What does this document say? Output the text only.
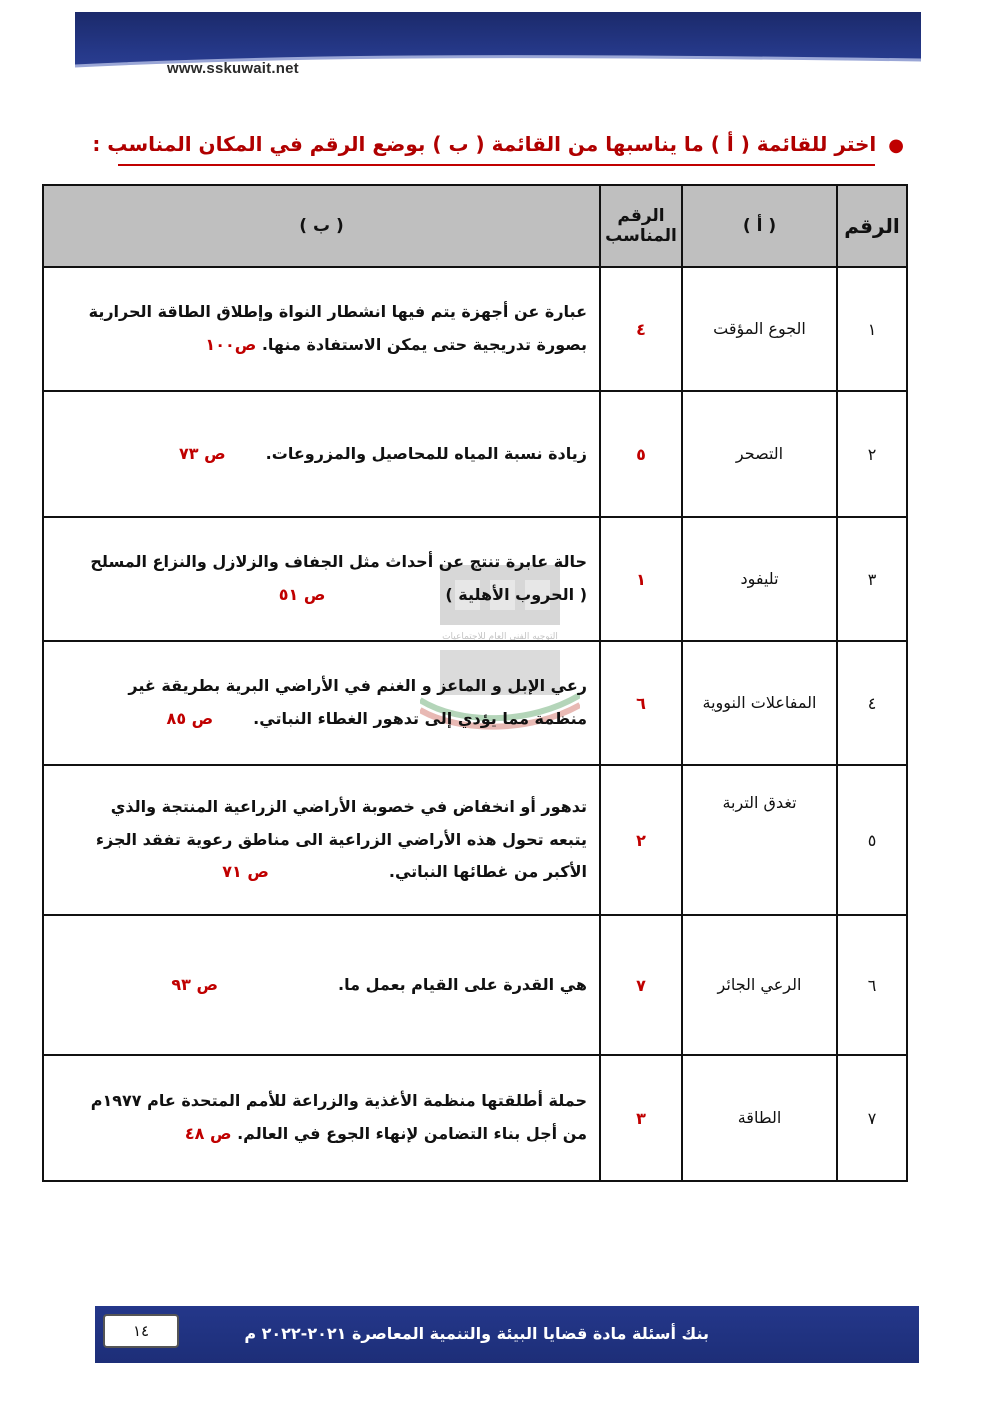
www.sskuwait.net
●اختر للقائمة ( أ ) ما يناسبها من القائمة ( ب ) بوضع الرقم في المكان المناسب :
التوجيه الفني العام للاجتماعيات
الرقم	( أ )	الرقم المناسب	( ب )
١	الجوع المؤقت	٤	عبارة عن أجهزة يتم فيها انشطار النواة وإطلاق الطاقة الحرارية بصورة تدريجية حتى يمكن الاستفادة منها. ص١٠٠
٢	التصحر	٥	زيادة نسبة المياه للمحاصيل والمزروعات.ص ٧٣
٣	تليفود	١	حالة عابرة تنتج عن أحداث مثل الجفاف والزلازل والنزاع المسلح ( الحروب الأهلية )ص ٥١
٤	المفاعلات النووية	٦	رعي الإبل و الماعز و الغنم في الأراضي البرية بطريقة غير منظمة مما يؤدي إلى تدهور الغطاء النباتي.ص ٨٥
٥	تغدق التربة	٢	تدهور أو انخفاض في خصوبة الأراضي الزراعية المنتجة والذي يتبعه تحول هذه الأراضي الزراعية الى مناطق رعوية تفقد الجزء الأكبر من غطائها النباتي.ص ٧١
٦	الرعي الجائر	٧	هي القدرة على القيام بعمل ما.ص ٩٣
٧	الطاقة	٣	حملة أطلقتها منظمة الأغذية والزراعة للأمم المتحدة عام ١٩٧٧م من أجل بناء التضامن لإنهاء الجوع في العالم. ص ٤٨
١٤	بنك أسئلة مادة قضايا البيئة والتنمية المعاصرة ٢٠٢١-٢٠٢٢ م
